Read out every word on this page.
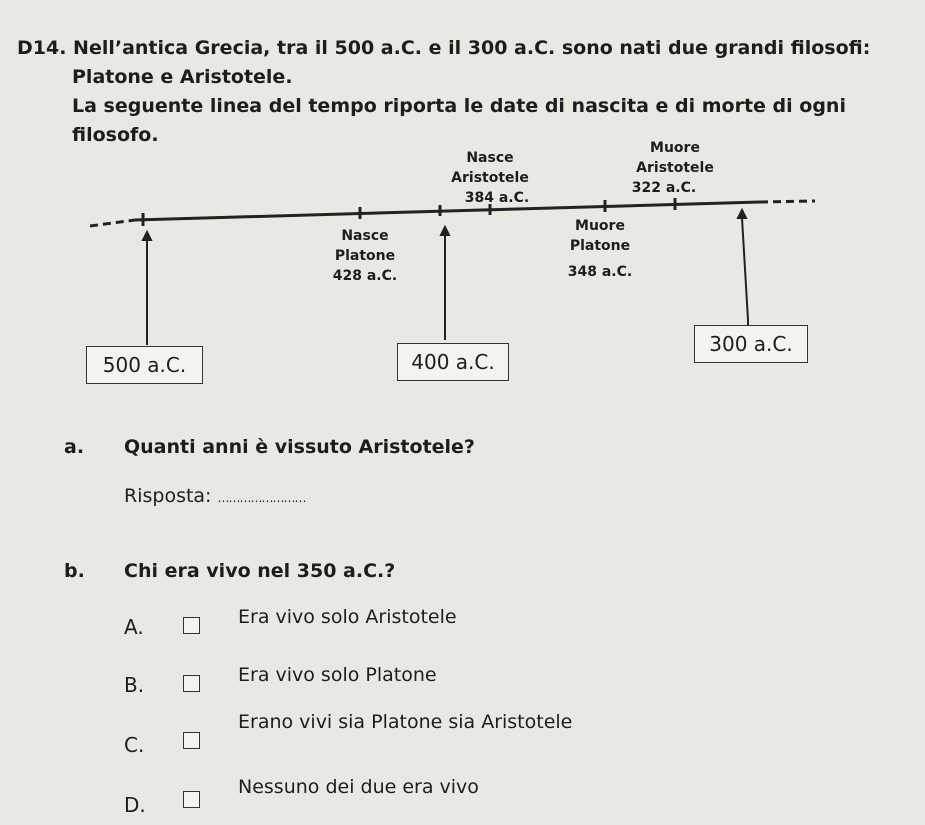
D14. Nell’antica Grecia, tra il 500 a.C. e il 300 a.C. sono nati due grandi filosofi:
Platone e Aristotele.
La seguente linea del tempo riporta le date di nascita e di morte di ogni filosofo.
Nasce
Aristotele
384 a.C.
Muore
Aristotele
322 a.C.
Nasce
Platone
428 a.C.
Muore
Platone
348 a.C.
500 a.C.	400 a.C.
300 a.C.
a. Quanti anni è vissuto Aristotele?
Risposta: ……………………
b. Chi era vivo nel 350 a.C.?
A.	Era vivo solo Aristotele
B.	Era vivo solo Platone
C.
Erano vivi sia Platone sia Aristotele
D.
Nessuno dei due era vivo
